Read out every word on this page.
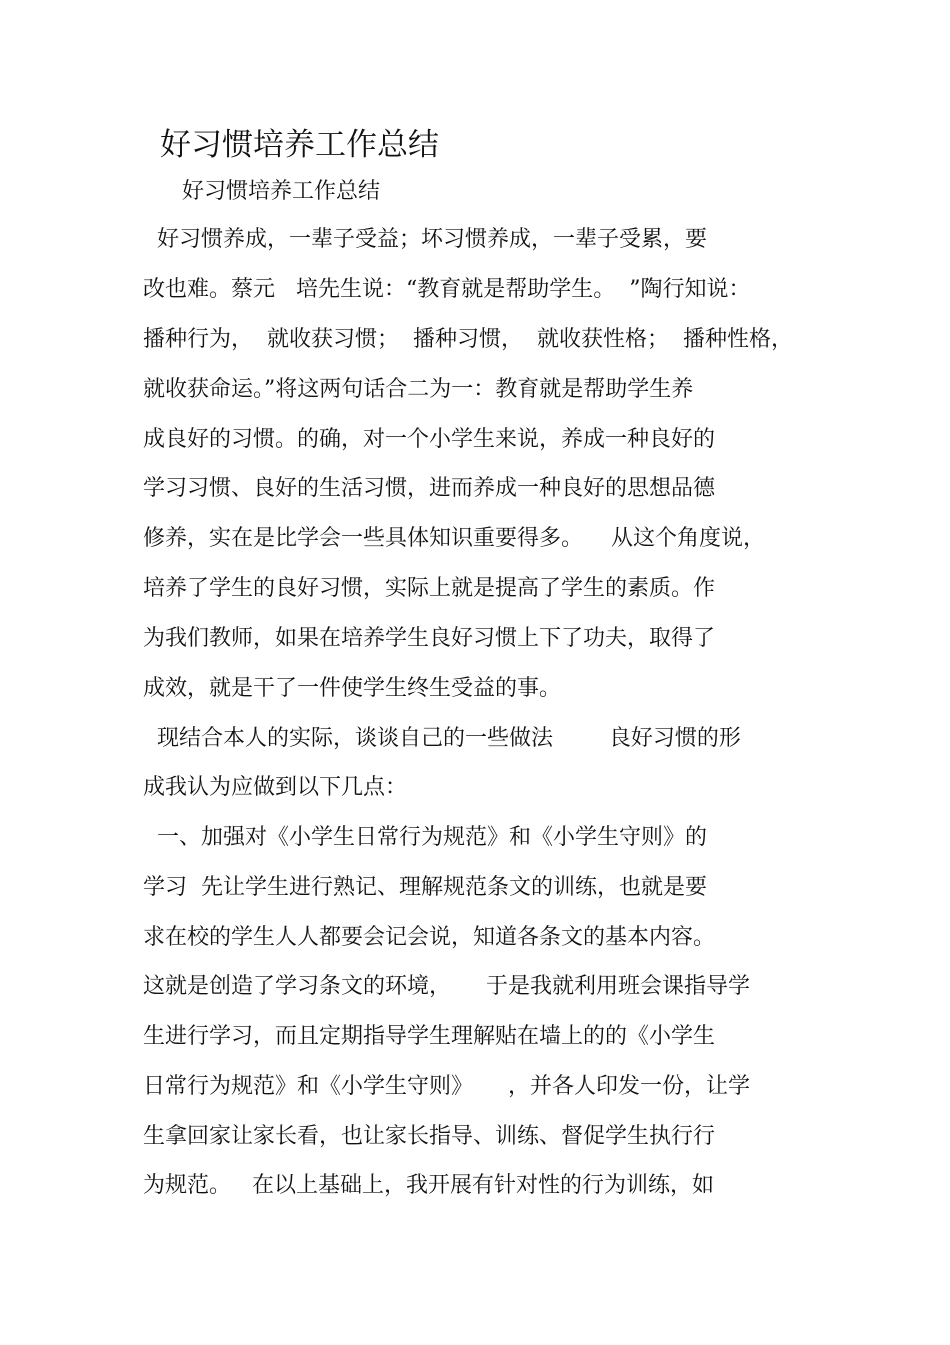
好习惯培养工作总结
好习惯培养工作总结
好习惯养成，一辈子受益；坏习惯养成，一辈子受累，要
改也难。蔡元   培先生说：“教育就是帮助学生。  ”陶行知说：
播种行为，  就收获习惯；  播种习惯，  就收获性格；  播种性格，
就收获命运。”将这两句话合二为一：教育就是帮助学生养
成良好的习惯。的确，对一个小学生来说，养成一种良好的
学习习惯、良好的生活习惯，进而养成一种良好的思想品德
修养，实在是比学会一些具体知识重要得多。    从这个角度说，
培养了学生的良好习惯，实际上就是提高了学生的素质。作
为我们教师，如果在培养学生良好习惯上下了功夫，取得了
成效，就是干了一件使学生终生受益的事。
现结合本人的实际，谈谈自己的一些做法        良好习惯的形
成我认为应做到以下几点：
一、加强对《小学生日常行为规范》和《小学生守则》的
学习  先让学生进行熟记、理解规范条文的训练，也就是要
求在校的学生人人都要会记会说，知道各条文的基本内容。
这就是创造了学习条文的环境，     于是我就利用班会课指导学
生进行学习，而且定期指导学生理解贴在墙上的的《小学生
日常行为规范》和《小学生守则》     ，并各人印发一份，让学
生拿回家让家长看，也让家长指导、训练、督促学生执行行
为规范。   在以上基础上，我开展有针对性的行为训练，如
